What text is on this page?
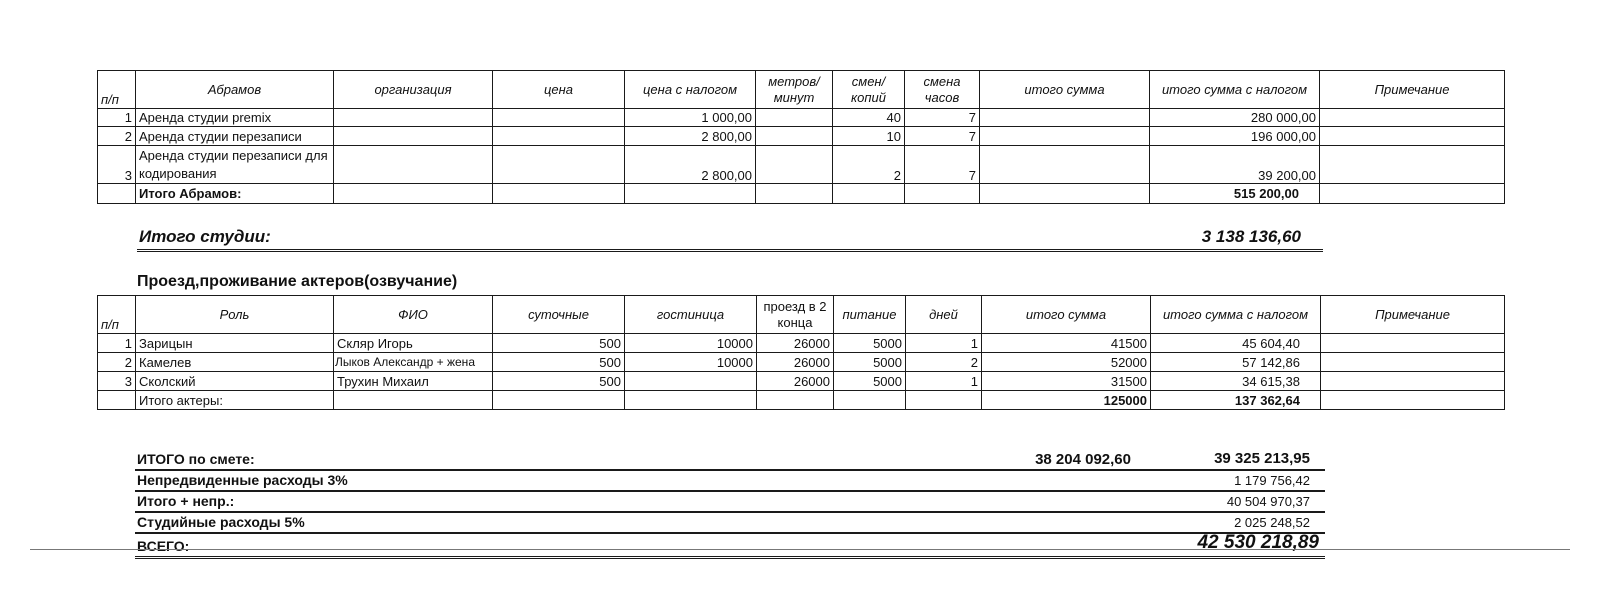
п/п	Абрамов	организация	цена	цена с налогом	метров/минут	смен/копий	смена часов	итого сумма	итого сумма с налогом	Примечание
1	Аренда студии premix			1 000,00		40	7		280 000,00	
2	Аренда студии перезаписи			2 800,00		10	7		196 000,00	
3	Аренда студии перезаписи для кодирования			2 800,00		2	7		39 200,00	
	Итого Абрамов:								515 200,00	
Итого студии:	3 138 136,60
Проезд,проживание актеров(озвучание)
п/п	Роль	ФИО	суточные	гостиница	проезд в 2 конца	питание	дней	итого сумма	итого сумма с налогом	Примечание
1	Зарицын	Скляр Игорь	500	10000	26000	5000	1	41500	45 604,40	
2	Камелев	Лыков Александр + жена	500	10000	26000	5000	2	52000	57 142,86	
3	Сколский	Трухин Михаил	500		26000	5000	1	31500	34 615,38	
	Итого актеры:							125000	137 362,64	
ИТОГО по смете:	38 204 092,60	39 325 213,95
Непредвиденные расходы 3%	1 179 756,42
Итого + непр.:	40 504 970,37
Студийные расходы 5%	2 025 248,52
ВСЕГО:	42 530 218,89
